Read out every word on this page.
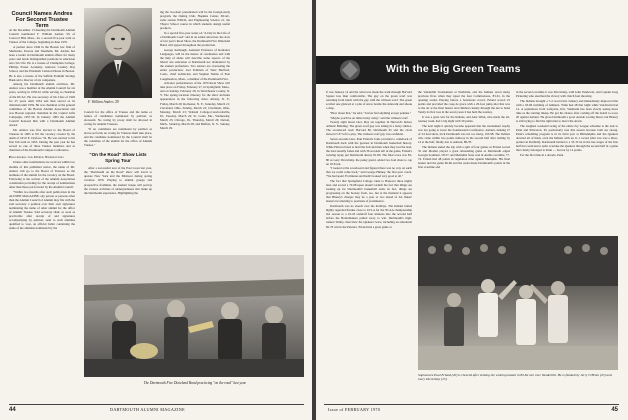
Council Names Andres For Second Trustee Term

At the December 13 meeting the Dartmouth Alumni Council nominated F. William Andres '29 of Concord Hill, Mass., for a second five-year term as Trustee of the College, beginning in June 1970.

A partner since 1940 in the Boston law firm of Sherburne, Powers and Needham, Mr. Andres has been a leader in Dartmouth alumni affairs for many years and holds distinguished positions in education and civic life. He is a trustee of Champlain College, Phillips Exeter Academy, Andover Country Day School, and the Elizabeth Carleton House in Boston. He is also a trustee of the Suffolk Franklin Savings Bank and a director of six companies.

Among his Dartmouth alumni activities, Mr. Andres was a member of the Alumni Council for six years, serving in 1959-61 while serving as chairman of the DCAC. He was secretary of his Class of 1929 for 25 years until 1954 and then served as its chairman until 1959. He was chairman of the general committee of the Boston Alumni Association and was Boston regional chairman in the Capital Gifts Campaign, 1957-59. In January 1963 the Alumni Council honored him with a Dartmouth Alumni Award.

Mr. Andres was first elected to the Board of Trustees in 1963 to fill the vacancy created by the death of Orvil E. Dryfoos '34. He was elected to his first full term in 1965. During the past year he has served as one of three Trustee members and as chairman of the Dartmouth Campus Conference.

Procedures for Other Nominations

Unless other nominations are received within two months of this published notice, the name of Mr. Andres will go to the Board of Trustees as the nominee of the alumni for the vacancy on the Board. Following is the section of the Alumni Association constitution providing for the receipt of nominations other than those put forward by the Alumni Council:

"Within two months after such publication in the ALUMNI MAGAZINE, any person or persons other than the Alumni Council of Alumni may file with the said secretary a petition over their own signatures nominating the name of other alumni for the office of Alumni Trustee. Said secretary shall, so soon as practicable after receipt of and signatures accompanying by petition, send to such alumnus qualified to vote, an official ballot containing the name of the alumnus nominated by the

F. William Andres '29

Council for the office of Trustee and the name or names of candidates nominated by petition, as aforesaid. No voting by proxy shall be allowed in voting for Alumni Trustees.

"If no candidates are nominated by petition as above set forth, no voting for Trustees shall take place, and the candidate nominated by the Council shall be the candidate of the alumni for the office of Alumni Trustee."

"On the Road" Show Lists Spring Tour

After a successful tour of the East Coast last year, the "Dartmouth on the Road" show will travel to upstate New York and the Midwest during spring vacation 1970. Playing to alumni groups and prospective freshmen, the student troupe will portray the various activities of undergraduates that make up the Dartmouth experience. Highlighting the

ing the two-hour presentation will be the foreign-study program, the Outing Club, Hopkins Center, DCAC, radio station WDCR, and Engineering Science 21, the Thayer School course in which students design useful products.

In a special five-year series on "A Day in the Life of a Dartmouth Coed" and in an added attraction, the stars of last year's Road Show, the Dartmouth Five Dixieland Band, will appear throughout the production.

George Kalbaugh, Assistant Professor of Romance Languages, will be the master of ceremonies and with the help of slides will describe some aspects of the liberal arts education at Dartmouth not dramatized by the student performers. Two seniors are overseeing the entire production: Joel Feldman of West Hartford, Conn., chief technician, and Stephen Nelms of East Longmeadow, Mass., a member of the Dartmouth Five.

Advance performances of the 1970 Road Show will take place on Friday, February 27, in Springfield, Mass., and on Sunday, February 28, in Westchester County, N. Y. The spring-vacation itinerary for the show includes appearances in the following cities: Albany, N. Y., Friday, March 20; Rochester, N. Y., Saturday, March 21; Cleveland, Ohio, Sunday, March 22; Cincinnati, Ohio, Monday, March 23; Wabash College-Crawfordsville, Ill., Tuesday, March 24; St. Louis, Mo., Wednesday, March 25; Chicago, Ill., Thursday, March 26; Detroit, Mich., Saturday, March 28; and Buffalo, N. Y., Sunday, March 29.

The Dartmouth Five Dixieland Band practicing "on the road" last year.
44	DARTMOUTH ALUMNI MAGAZINE
With the Big Green Teams

It was January 14 and the wind was made the walk through Harvard Square less than comfortable. The guy on the green scarf was returning from lunch with the guy with the crimson scarf. The green scarfed one glanced at a pile of snow beside the sidewalk and shook a drop.

"How about that," he said, "I never had anything except pennies."

"Maybe you'll be on times lucky today," said the crimson scarf.

Twenty eight hours later, they sat together in Harvard's Indoor Athletic Building. The green scarf guy was sitting in a noisy silence. The scoreboard read: Harvard 80, Dartmouth 65 and the clock showed 5:37 left to play. The crimson scarf guy was confident.

Seven seconds later, Paul Erland's fouls provided a comeback of Dartmouth back with the greatest in Dartmouth basketball history. While Harvard tried to hold the ball and then when they lost the lead, the lead steadily faded and with 36 seconds left in the game, Erland's twisting layup put Dartmouth ahead, 81-80. The final score was 83-80 as Gary Dicovitsky, the pesky guard, added two foul shots to cap an 18-8 run.

"I looked at the scoreboard and figured there was no way on earth that we could come back," said George Hinney, the first-year coach. "We had spent 35 minutes and hadn't looked very good at all."

The fact that Springfield College came to Hanover three nights later and scored a 70-68 upset doesn't tarnish the fact that things are looking up for Dartmouth's basketball team. In fact, things are progressing on the hockey front, too, but at the moment it appears that Blaney's charges may be a year or two ahead of Ab Oakes' skaters in returning to positions of prominence.

Dartmouth was no slouch over the holidays. The Indians bailed highly regarded Purdue close to UCLA for the NCAA championship last season to a 43-43 standoff four minutes into the second half before the Boilermakers pulled away to win. Dartmouth's high-ranked Trinity, then blew the Quakers twice, including an emotional 82-70 win in the Palestra. Erland had a great game at

the Vanderbilt Tournament at Nashville, and the Indians raced many previous fives when they upset the four Commodores, 83-61, in the opening round. Playing before a boisterous crowd, Erland scored 25 points and provided the coup de grace with a 20-foot jump shot that was to the air at the final buzzer and climbed classily through the net to hand Vandy its first loss in the seven years it has held the tourney.

It was a great win for the Indians, and Alex Winn, who made the all-tourney team, had a big night with 30 points.

The next night it quickly became apparent that the tournament trophy was not going to leave the Southeastern Conference. Auburn, making 27 of 34 foul shots, trick Dartmouth was not too many, 103-98. The Indians who came within two points midway in the second half after trailing by 14 at the half, finally lost to Auburn, 88-78.

The Indians ended the trip with a split of four games as Erland scored 32 and Mosher played a great rebounding game as Dartmouth edged Georgia Southern, 58-57, and Memphis State won in double overtime, 77-74. Erland had 48 points in regulation time against Memphis. His final basket tied the game 66-66 and the assist made Dartmouth's points in the first overtime and

in the second overtime it was Dicovitsky, with John Vandevoir, and Captain Greg Pickering who snatched the victory with clutch foul shooting.

The Indians brought a 7-2 record into January and immediately improved that with a 93-66 bombing of Amherst. Winn had 28 that night while Van-Kurin had 14. A sophomore from Lafayette, Ind., VanKurin has been slowly seeing more time as the starting lineup. He got his chance after coming off the bench to score 20 against Auburn. He gives Dartmouth a good outside scoring threat, but Blaney is still trying to find the right man to direct the attack.

The toughest weekend swing of the entire Ivy League schedule is the trek to Penn and Princeton. It's particularly true this season because both are strong. Penn's rebuilding program is in its third year at Philadelphia and the Quakers downed all of them, even the Indians with an 11-1 record (that was was a three-pointer in Penfield). Dartmouth battled to a 33-33 tie in the late stages of the first half but could never quite overtake the Quakers through the second half in a game that clearly belonged to Penn — but not by 14 points.

For the first time in a decade, Penn

Sophomore Paul Erland (20) is cheered after sinking the winning basket in 83-82 win over Vanderbilt. He is flanked by Jerry O'Brien (23) and Gary Dicovitsky (13).
Issue of FEBRUARY 1970	45
